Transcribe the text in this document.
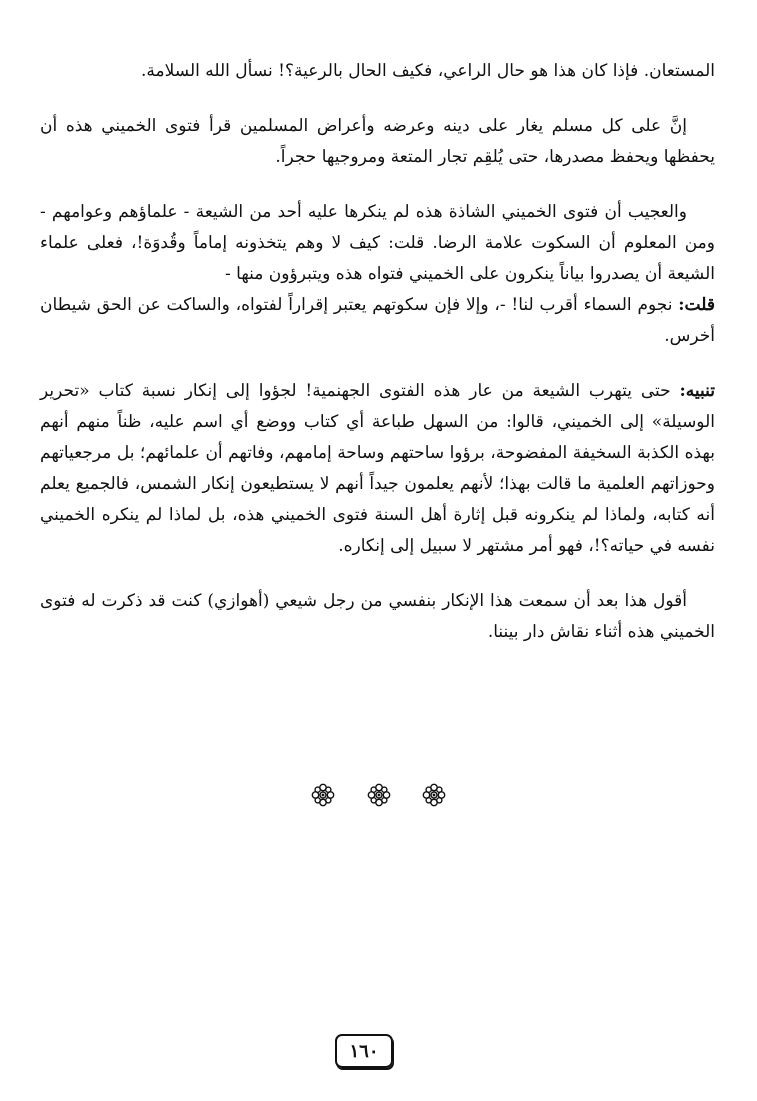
المستعان. فإذا كان هذا هو حال الراعي، فكيف الحال بالرعية؟! نسأل الله السلامة.

إنَّ على كل مسلم يغار على دينه وعرضه وأعراض المسلمين قرأ فتوى الخميني هذه أن يحفظها ويحفظ مصدرها، حتى يُلقِم تجار المتعة ومروجيها حجراً.

والعجيب أن فتوى الخميني الشاذة هذه لم ينكرها عليه أحد من الشيعة - علماؤهم وعوامهم - ومن المعلوم أن السكوت علامة الرضا. قلت: كيف لا وهم يتخذونه إماماً وقُدوَة!، فعلى علماء الشيعة أن يصدروا بياناً ينكرون على الخميني فتواه هذه ويتبرؤون منها -
قلت: نجوم السماء أقرب لنا! -، وإلا فإن سكوتهم يعتبر إقراراً لفتواه، والساكت عن الحق شيطان أخرس.

تنبيه: حتى يتهرب الشيعة من عار هذه الفتوى الجهنمية! لجؤوا إلى إنكار نسبة كتاب «تحرير الوسيلة» إلى الخميني، قالوا: من السهل طباعة أي كتاب ووضع أي اسم عليه، ظناً منهم أنهم بهذه الكذبة السخيفة المفضوحة، برؤوا ساحتهم وساحة إمامهم، وفاتهم أن علمائهم؛ بل مرجعياتهم وحوزاتهم العلمية ما قالت بهذا؛ لأنهم يعلمون جيداً أنهم لا يستطيعون إنكار الشمس، فالجميع يعلم أنه كتابه، ولماذا لم ينكرونه قبل إثارة أهل السنة فتوى الخميني هذه، بل لماذا لم ينكره الخميني نفسه في حياته؟!، فهو أمر مشتهر لا سبيل إلى إنكاره.

أقول هذا بعد أن سمعت هذا الإنكار بنفسي من رجل شيعي (أهوازي) كنت قد ذكرت له فتوى الخميني هذه أثناء نقاش دار بيننا.

١٦٠
